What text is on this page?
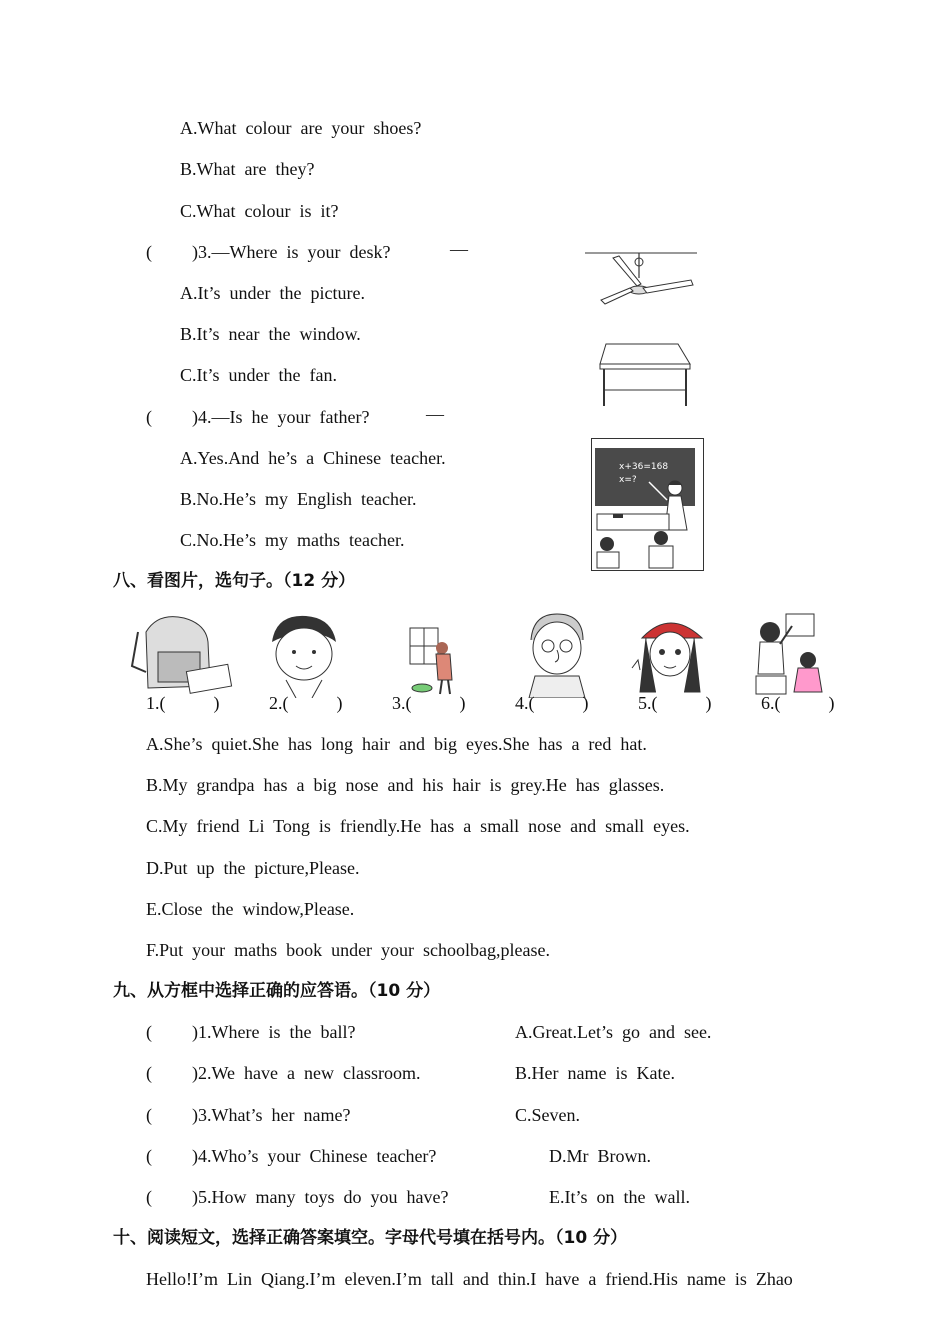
A.What  colour  are  your  shoes?
B.What  are  they?
C.What  colour  is  it?
(	)3.—Where  is  your  desk?	—
A.It’s  under  the  picture.
B.It’s  near  the  window.
C.It’s  under  the  fan.
(	)4.—Is  he  your  father?	—
A.Yes.And  he’s  a  Chinese  teacher.
B.No.He’s  my  English  teacher.
C.No.He’s  my  maths  teacher.
x+36=168
x=?
八、看图片，选句子。（12 分）
1.(	)	2.(	)	3.(	)	4.(	)	5.(	)	6.(	)
A.She’s  quiet.She  has  long  hair  and  big  eyes.She  has  a  red  hat.
B.My  grandpa  has  a  big  nose  and  his  hair  is  grey.He  has  glasses.
C.My  friend  Li  Tong  is  friendly.He  has  a  small  nose  and  small  eyes.
D.Put  up  the  picture,Please.
E.Close  the  window,Please.
F.Put  your  maths  book  under  your  schoolbag,please.
九、从方框中选择正确的应答语。（10 分）
(	)1.Where  is  the  ball?	A.Great.Let’s  go  and  see.
(	)2.We  have  a  new  classroom.	B.Her  name  is  Kate.
(	)3.What’s  her  name?	C.Seven.
(	)4.Who’s  your  Chinese  teacher?	D.Mr  Brown.
(	)5.How  many  toys  do  you  have?	E.It’s  on  the  wall.
十、阅读短文，选择正确答案填空。字母代号填在括号内。（10 分）
Hello!I’m  Lin  Qiang.I’m  eleven.I’m  tall  and  thin.I  have  a  friend.His  name  is  Zhao
